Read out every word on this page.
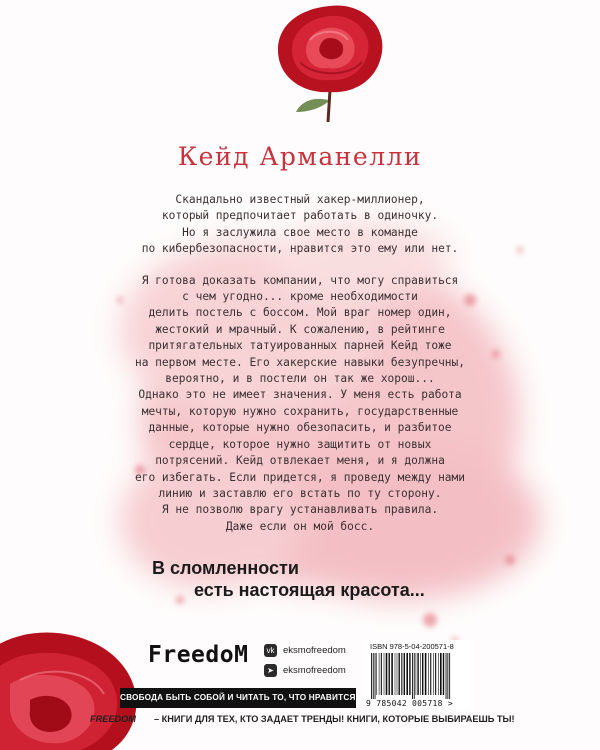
Кейд Арманелли
Скандально известный хакер-миллионер,
который предпочитает работать в одиночку.
Но я заслужила свое место в команде
по кибербезопасности, нравится это ему или нет.
Я готова доказать компании, что могу справиться
с чем угодно... кроме необходимости
делить постель с боссом. Мой враг номер один,
жестокий и мрачный. К сожалению, в рейтинге
притягательных татуированных парней Кейд тоже
на первом месте. Его хакерские навыки безупречны,
вероятно, и в постели он так же хорош...
Однако это не имеет значения. У меня есть работа
мечты, которую нужно сохранить, государственные
данные, которые нужно обезопасить, и разбитое
сердце, которое нужно защитить от новых
потрясений. Кейд отвлекает меня, и я должна
его избегать. Если придется, я проведу между нами
линию и заставлю его встать по ту сторону.
Я не позволю врагу устанавливать правила.
Даже если он мой босс.
В сломленности
есть настоящая красота...
FreedoM	vk eksmofreedom
➤ eksmofreedom
ISBN 978-5-04-200571-8
9 785042 005718 >
СВОБОДА БЫТЬ СОБОЙ И ЧИТАТЬ ТО, ЧТО НРАВИТСЯ!
FREEDOM – КНИГИ ДЛЯ ТЕХ, КТО ЗАДАЕТ ТРЕНДЫ! КНИГИ, КОТОРЫЕ ВЫБИРАЕШЬ ТЫ!
